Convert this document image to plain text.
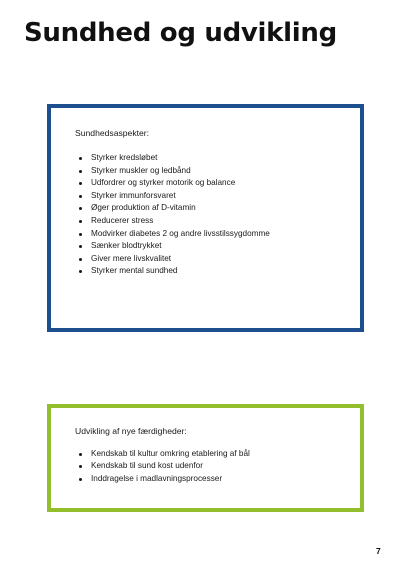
Sundhed og udvikling

Sundhedsaspekter:

Styrker kredsløbet
Styrker muskler og ledbånd
Udfordrer og styrker motorik og balance
Styrker immunforsvaret
Øger produktion af D-vitamin
Reducerer stress
Modvirker diabetes 2 og andre livsstilssygdomme
Sænker blodtrykket
Giver mere livskvalitet
Styrker mental sundhed

Udvikling af nye færdigheder:

Kendskab til kultur omkring etablering af bål
Kendskab til sund kost udenfor
Inddragelse i madlavningsprocesser
7
